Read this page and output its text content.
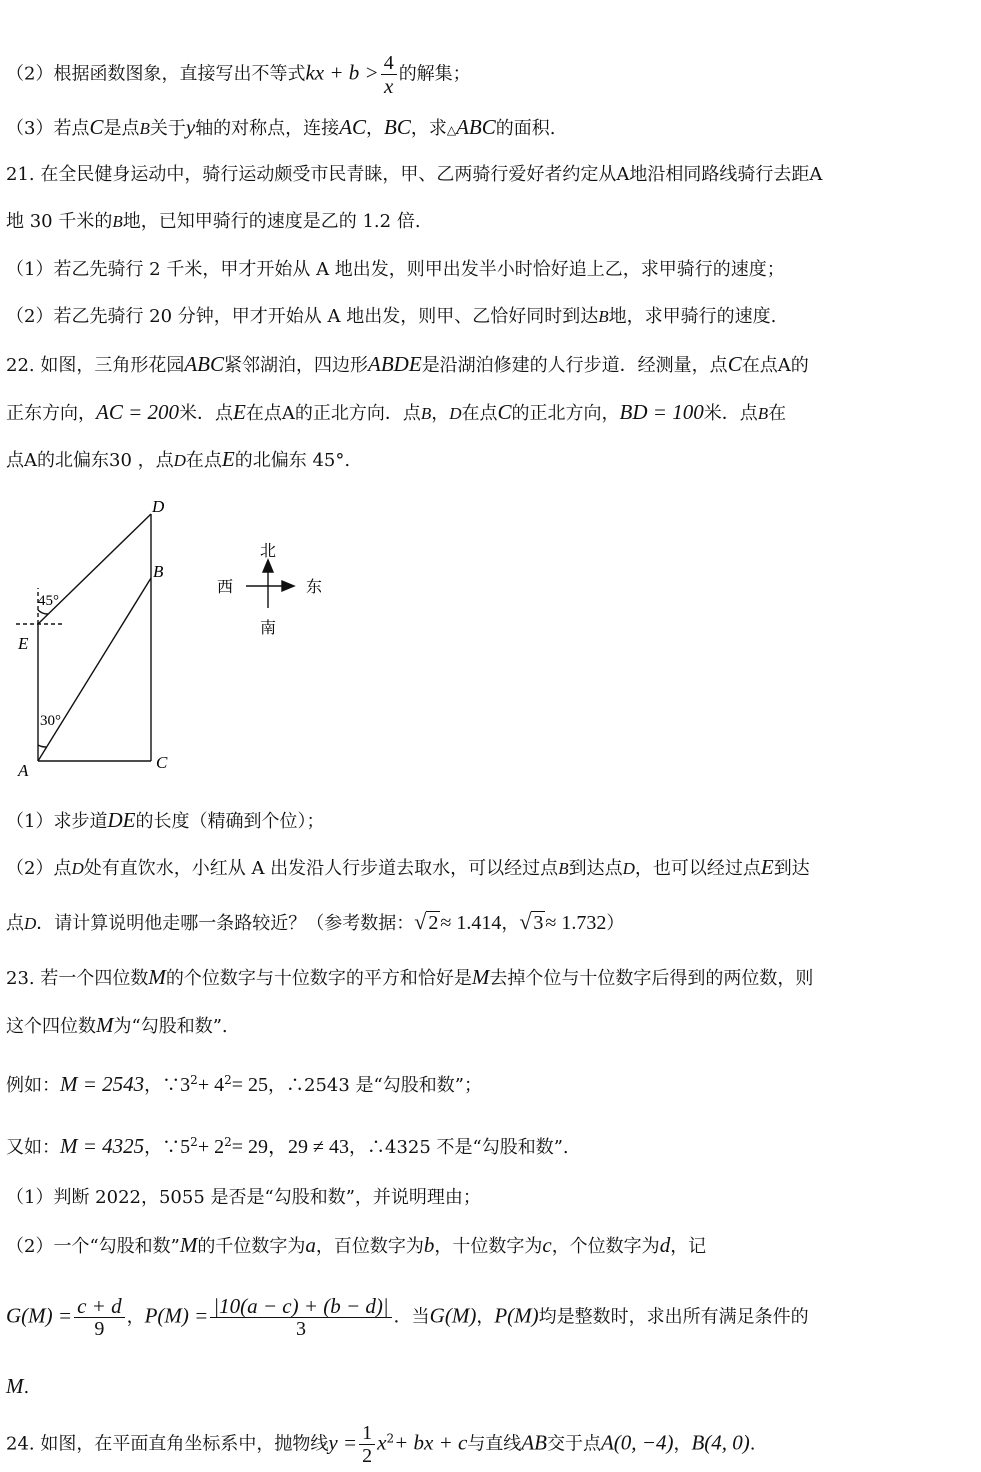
（2）根据函数图象，直接写出不等式kx + $b > \frac{4}{x}$ 的解集；
（3）若点C是点B关于y轴的对称点，连接AC，BC，求△ABC的面积.
21. 在全民健身运动中，骑行运动颇受市民青睐，甲、乙两骑行爱好者约定从A地沿相同路线骑行去距A
地 30 千米的B地，已知甲骑行的速度是乙的 1.2 倍.
（1）若乙先骑行 2 千米，甲才开始从 A 地出发，则甲出发半小时恰好追上乙，求甲骑行的速度；
（2）若乙先骑行 20 分钟，甲才开始从 A 地出发，则甲、乙恰好同时到达B地，求甲骑行的速度.
22. 如图，三角形花园ABC紧邻湖泊，四边形ABDE是沿湖泊修建的人行步道．经测量，点C在点A的
正东方向，AC = 200米．点E在点A的正北方向．点B，D在点C的正北方向，BD = 100米．点B在
点A的北偏东30 ，点D在点E的北偏东 45°.
D
B
E
A	C
45°
30°
北
南
西	东
（1）求步道DE的长度（精确到个位）；
（2）点D处有直饮水，小红从 A 出发沿人行步道去取水，可以经过点B到达点D，也可以经过点E到达
点D．请计算说明他走哪一条路较近？（参考数据：√ 2 ≈ 1.414，√ 3 ≈ 1.732）
23. 若一个四位数M的个位数字与十位数字的平方和恰好是M去掉个位与十位数字后得到的两位数，则
这个四位数M为“勾股和数”.
例如：M = 2543，$\because 3^2+ 4^2= 25$，∴2543 是“勾股和数”；
又如：M = 4325，$\because 5^2+ 2^2= 29$，29 ≠ 43，∴4325 不是“勾股和数”.
（1）判断 2022，5055 是否是“勾股和数”，并说明理由；
（2）一个“勾股和数”M的千位数字为a，百位数字为b，十位数字为c，个位数字为d，记
$G(M) = \frac{c + d}{9}$ ，$P(M) = \frac{|10(a - c) + (b - d)|}{3}$ ．当G(M)，P(M)均是整数时，求出所有满足条件的
M.
24. 如图，在平面直角坐标系中，抛物线$y = \frac{1}{2} x^2+$ bx + c与直线AB交于点A(0, −4)，B(4, 0).
